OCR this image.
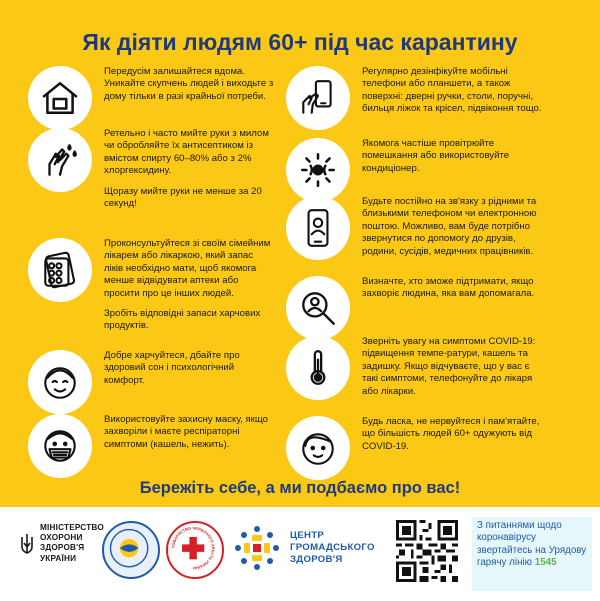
Як діяти людям 60+ під час карантину

Передусім залишайтеся вдома. Уникайте скупчень людей і виходьте з дому тільки в разі крайньої потреби.

Ретельно і часто мийте руки з милом чи обробляйте їх антисептиком із вмістом спирту 60–80% або з 2% хлоргексидину.

Щоразу мийте руки не менше за 20 секунд!

Проконсультуйтеся зі своїм сімейним лікарем або лікаркою, який запас ліків необхідно мати, щоб якомога менше відвідувати аптеки або просити про це інших людей.

Зробіть відповідні запаси харчових продуктів.

Добре харчуйтеся, дбайте про здоровий сон і психологічний комфорт.

Використовуйте захисну маску, якщо захворіли і маєте респіраторні симптоми (кашель, нежить).

Регулярно дезінфікуйте мобільні телефони або планшети, а також поверхні: дверні ручки, столи, поручні, бильця ліжок та крісел, підвіконня тощо.

Якомога частіше провітрюйте помешкання або використовуйте кондиціонер.

Будьте постійно на зв'язку з рідними та близькими телефоном чи електронною поштою. Можливо, вам буде потрібно звернутися по допомогу до друзів, родини, сусідів, медичних працівників.

Визначте, хто зможе підтримати, якщо захворіє людина, яка вам допомагала.

Зверніть увагу на симптоми COVID-19: підвищення темпе-ратури, кашель та задишку. Якщо відчуваєте, що у вас є такі симптоми, телефонуйте до лікаря або лікарки.

Будь ласка, не нервуйтеся і пам'ятайте, що більшість людей 60+ одужують від COVID-19.

Бережіть себе, а ми подбаємо про вас!
МІНІСТЕРСТВО
ОХОРОНИ
ЗДОРОВ'Я
УКРАЇНИ
ТОВАРИСТВО ЧЕРВОНОГО ХРЕСТА УКРАЇНИ
ЦЕНТР
ГРОМАДСЬКОГО
ЗДОРОВ'Я
З питаннями щодо коронавірусу звертайтесь на Урядову гарячу лінію 1545
